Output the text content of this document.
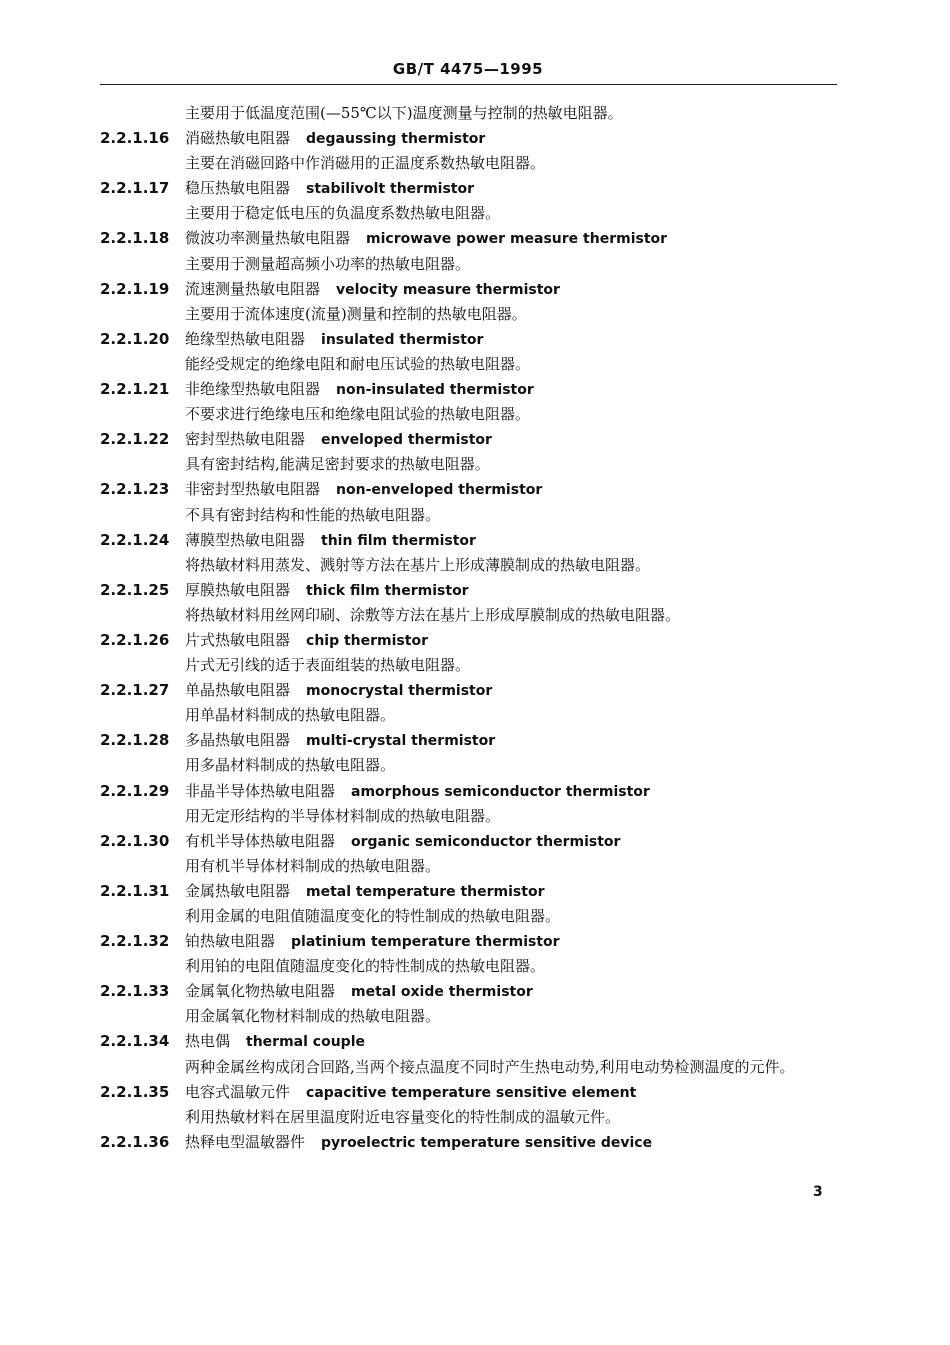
GB/T 4475—1995
主要用于低温度范围(—55℃以下)温度测量与控制的热敏电阻器。
2.2.1.16	消磁热敏电阻器 degaussing thermistor
主要在消磁回路中作消磁用的正温度系数热敏电阻器。
2.2.1.17	稳压热敏电阻器 stabilivolt thermistor
主要用于稳定低电压的负温度系数热敏电阻器。
2.2.1.18	微波功率测量热敏电阻器 microwave power measure thermistor
主要用于测量超高频小功率的热敏电阻器。
2.2.1.19	流速测量热敏电阻器 velocity measure thermistor
主要用于流体速度(流量)测量和控制的热敏电阻器。
2.2.1.20	绝缘型热敏电阻器 insulated thermistor
能经受规定的绝缘电阻和耐电压试验的热敏电阻器。
2.2.1.21	非绝缘型热敏电阻器 non-insulated thermistor
不要求进行绝缘电压和绝缘电阻试验的热敏电阻器。
2.2.1.22	密封型热敏电阻器 enveloped thermistor
具有密封结构,能满足密封要求的热敏电阻器。
2.2.1.23	非密封型热敏电阻器 non-enveloped thermistor
不具有密封结构和性能的热敏电阻器。
2.2.1.24	薄膜型热敏电阻器 thin film thermistor
将热敏材料用蒸发、溅射等方法在基片上形成薄膜制成的热敏电阻器。
2.2.1.25	厚膜热敏电阻器 thick film thermistor
将热敏材料用丝网印刷、涂敷等方法在基片上形成厚膜制成的热敏电阻器。
2.2.1.26	片式热敏电阻器 chip thermistor
片式无引线的适于表面组装的热敏电阻器。
2.2.1.27	单晶热敏电阻器 monocrystal thermistor
用单晶材料制成的热敏电阻器。
2.2.1.28	多晶热敏电阻器 multi-crystal thermistor
用多晶材料制成的热敏电阻器。
2.2.1.29	非晶半导体热敏电阻器 amorphous semiconductor thermistor
用无定形结构的半导体材料制成的热敏电阻器。
2.2.1.30	有机半导体热敏电阻器 organic semiconductor thermistor
用有机半导体材料制成的热敏电阻器。
2.2.1.31	金属热敏电阻器 metal temperature thermistor
利用金属的电阻值随温度变化的特性制成的热敏电阻器。
2.2.1.32	铂热敏电阻器 platinium temperature thermistor
利用铂的电阻值随温度变化的特性制成的热敏电阻器。
2.2.1.33	金属氧化物热敏电阻器 metal oxide thermistor
用金属氧化物材料制成的热敏电阻器。
2.2.1.34	热电偶 thermal couple
两种金属丝构成闭合回路,当两个接点温度不同时产生热电动势,利用电动势检测温度的元件。
2.2.1.35	电容式温敏元件 capacitive temperature sensitive element
利用热敏材料在居里温度附近电容量变化的特性制成的温敏元件。
2.2.1.36	热释电型温敏器件 pyroelectric temperature sensitive device
3
